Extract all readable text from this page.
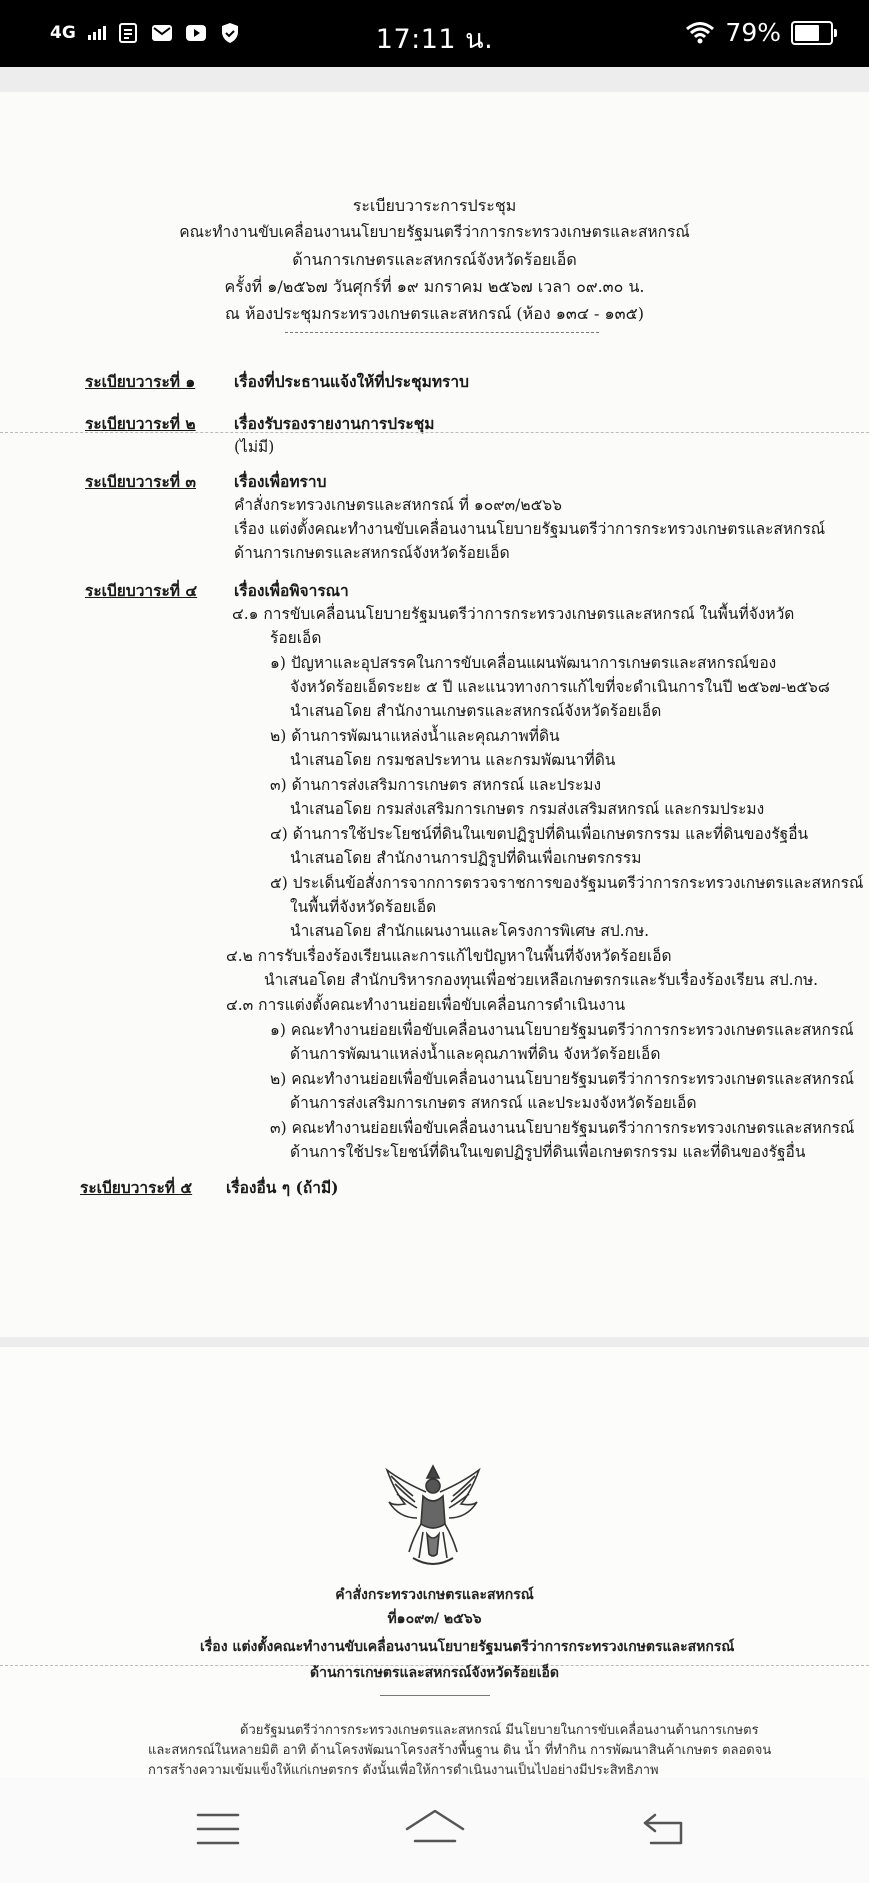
4G	17:11 น.	79%
ระเบียบวาระการประชุม
คณะทำงานขับเคลื่อนงานนโยบายรัฐมนตรีว่าการกระทรวงเกษตรและสหกรณ์
ด้านการเกษตรและสหกรณ์จังหวัดร้อยเอ็ด
ครั้งที่ ๑/๒๕๖๗ วันศุกร์ที่ ๑๙ มกราคม ๒๕๖๗ เวลา ๐๙.๓๐ น.
ณ ห้องประชุมกระทรวงเกษตรและสหกรณ์ (ห้อง ๑๓๔ - ๑๓๕)
ระเบียบวาระที่ ๑	เรื่องที่ประธานแจ้งให้ที่ประชุมทราบ
ระเบียบวาระที่ ๒ เรื่องรับรองรายงานการประชุม
(ไม่มี)
ระเบียบวาระที่ ๓ เรื่องเพื่อทราบ
คำสั่งกระทรวงเกษตรและสหกรณ์ ที่ ๑๐๙๓/๒๕๖๖
เรื่อง แต่งตั้งคณะทำงานขับเคลื่อนงานนโยบายรัฐมนตรีว่าการกระทรวงเกษตรและสหกรณ์
ด้านการเกษตรและสหกรณ์จังหวัดร้อยเอ็ด
ระเบียบวาระที่ ๔ เรื่องเพื่อพิจารณา
๔.๑ การขับเคลื่อนนโยบายรัฐมนตรีว่าการกระทรวงเกษตรและสหกรณ์ ในพื้นที่จังหวัด
ร้อยเอ็ด
๑) ปัญหาและอุปสรรคในการขับเคลื่อนแผนพัฒนาการเกษตรและสหกรณ์ของ
จังหวัดร้อยเอ็ดระยะ ๕ ปี และแนวทางการแก้ไขที่จะดำเนินการในปี ๒๕๖๗-๒๕๖๘
นำเสนอโดย สำนักงานเกษตรและสหกรณ์จังหวัดร้อยเอ็ด
๒) ด้านการพัฒนาแหล่งน้ำและคุณภาพที่ดิน
นำเสนอโดย กรมชลประทาน และกรมพัฒนาที่ดิน
๓) ด้านการส่งเสริมการเกษตร สหกรณ์ และประมง
นำเสนอโดย กรมส่งเสริมการเกษตร กรมส่งเสริมสหกรณ์ และกรมประมง
๔) ด้านการใช้ประโยชน์ที่ดินในเขตปฏิรูปที่ดินเพื่อเกษตรกรรม และที่ดินของรัฐอื่น
นำเสนอโดย สำนักงานการปฏิรูปที่ดินเพื่อเกษตรกรรม
๕) ประเด็นข้อสั่งการจากการตรวจราชการของรัฐมนตรีว่าการกระทรวงเกษตรและสหกรณ์
ในพื้นที่จังหวัดร้อยเอ็ด
นำเสนอโดย สำนักแผนงานและโครงการพิเศษ สป.กษ.
๔.๒ การรับเรื่องร้องเรียนและการแก้ไขปัญหาในพื้นที่จังหวัดร้อยเอ็ด
นำเสนอโดย สำนักบริหารกองทุนเพื่อช่วยเหลือเกษตรกรและรับเรื่องร้องเรียน สป.กษ.
๔.๓ การแต่งตั้งคณะทำงานย่อยเพื่อขับเคลื่อนการดำเนินงาน
๑) คณะทำงานย่อยเพื่อขับเคลื่อนงานนโยบายรัฐมนตรีว่าการกระทรวงเกษตรและสหกรณ์
ด้านการพัฒนาแหล่งน้ำและคุณภาพที่ดิน จังหวัดร้อยเอ็ด
๒) คณะทำงานย่อยเพื่อขับเคลื่อนงานนโยบายรัฐมนตรีว่าการกระทรวงเกษตรและสหกรณ์
ด้านการส่งเสริมการเกษตร สหกรณ์ และประมงจังหวัดร้อยเอ็ด
๓) คณะทำงานย่อยเพื่อขับเคลื่อนงานนโยบายรัฐมนตรีว่าการกระทรวงเกษตรและสหกรณ์
ด้านการใช้ประโยชน์ที่ดินในเขตปฏิรูปที่ดินเพื่อเกษตรกรรม และที่ดินของรัฐอื่น
ระเบียบวาระที่ ๕ เรื่องอื่น ๆ (ถ้ามี)
คำสั่งกระทรวงเกษตรและสหกรณ์
ที่๑๐๙๓/ ๒๕๖๖
เรื่อง แต่งตั้งคณะทำงานขับเคลื่อนงานนโยบายรัฐมนตรีว่าการกระทรวงเกษตรและสหกรณ์
ด้านการเกษตรและสหกรณ์จังหวัดร้อยเอ็ด
ด้วยรัฐมนตรีว่าการกระทรวงเกษตรและสหกรณ์ มีนโยบายในการขับเคลื่อนงานด้านการเกษตร
และสหกรณ์ในหลายมิติ อาทิ ด้านโครงพัฒนาโครงสร้างพื้นฐาน ดิน น้ำ ที่ทำกิน การพัฒนาสินค้าเกษตร ตลอดจน
การสร้างความเข้มแข็งให้แก่เกษตรกร ดังนั้นเพื่อให้การดำเนินงานเป็นไปอย่างมีประสิทธิภาพ
